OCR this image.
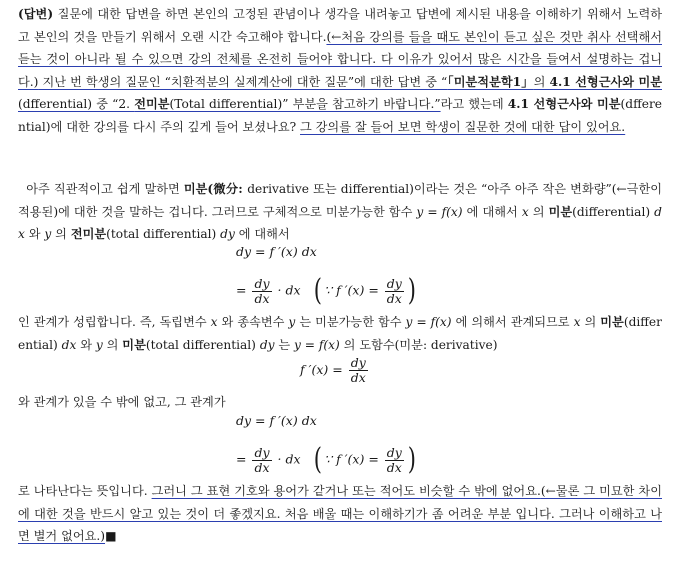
(답변) 질문에 대한 답변을 하면 본인의 고정된 관념이나 생각을 내려놓고 답변에 제시된 내용을 이해하기 위해서 노력하고 본인의 것을 만들기 위해서 오랜 시간 숙고해야 합니다.(←처음 강의를 들을 때도 본인이 듣고 싶은 것만 취사 선택해서 듣는 것이 아니라 될 수 있으면 강의 전체를 온전히 들어야 합니다. 다 이유가 있어서 많은 시간을 들여서 설명하는 겁니다.) 지난 번 학생의 질문인 “치환적분의 실제계산에 대한 질문”에 대한 답변 중 “「미분적분학1」의 4.1 선형근사와 미분(dfferential) 중 “2. 전미분(Total differential)” 부분을 참고하기 바랍니다.”라고 했는데 4.1 선형근사와 미분(dfferential)에 대한 강의를 다시 주의 깊게 들어 보셨나요? 그 강의를 잘 들어 보면 학생이 질문한 것에 대한 답이 있어요.
아주 직관적이고 쉽게 말하면 미분(微分: derivative 또는 differential)이라는 것은 “아주 아주 작은 변화량”(←극한이 적용된)에 대한 것을 말하는 겁니다. 그러므로 구체적으로 미분가능한 함수 y = f(x) 에 대해서 x 의 미분(differential) dx 와 y 의 전미분(total differential) dy 에 대해서
dy = f ′(x) dx
= $\frac{dy}{dx}$ · dx ( ∵ f $'(x) = \frac{dy}{dx}$ )
인 관계가 성립합니다. 즉, 독립변수 x 와 종속변수 y 는 미분가능한 함수 y = f(x) 에 의해서 관계되므로 x 의 미분(differential) dx 와 y 의 미분(total differential) dy 는 y = f(x) 의 도함수(미분: derivative)
f $'(x) = \frac{dy}{dx}$
와 관계가 있을 수 밖에 없고, 그 관계가
dy = f ′(x) dx
= $\frac{dy}{dx}$ · dx ( ∵ f $'(x) = \frac{dy}{dx}$ )
로 나타난다는 뜻입니다. 그러니 그 표현 기호와 용어가 같거나 또는 적어도 비슷할 수 밖에 없어요.(←물론 그 미묘한 차이에 대한 것을 반드시 알고 있는 것이 더 좋겠지요. 처음 배울 때는 이해하기가 좀 어려운 부분 입니다. 그러나 이해하고 나면 별거 없어요.)■
